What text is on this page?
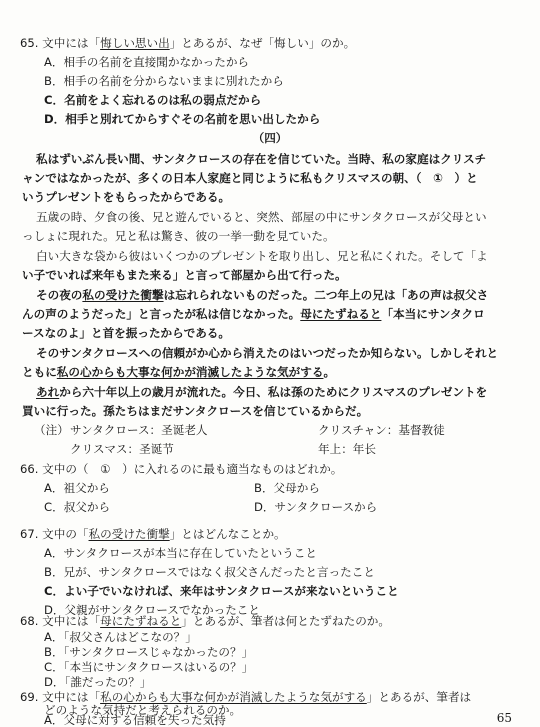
65. 文中には「悔しい思い出」とあるが、なぜ「悔しい」のか。
A．相手の名前を直接聞かなかったから
B．相手の名前を分からないままに別れたから
C．名前をよく忘れるのは私の弱点だから
D．相手と別れてからすぐその名前を思い出したから
（四）
私はずいぶん長い間、サンタクロースの存在を信じていた。当時、私の家庭はクリスチ
ャンではなかったが、多くの日本人家庭と同じように私もクリスマスの朝、（　①　）と
いうプレゼントをもらったからである。
五歳の時、夕食の後、兄と遊んでいると、突然、部屋の中にサンタクロースが父母とい
っしょに現れた。兄と私は驚き、彼の一挙一動を見ていた。
白い大きな袋から彼はいくつかのプレゼントを取り出し、兄と私にくれた。そして「よ
い子でいれば来年もまた来る」と言って部屋から出て行った。
その夜の私の受けた衝撃は忘れられないものだった。二つ年上の兄は「あの声は叔父さ
んの声のようだった」と言ったが私は信じなかった。母にたずねると「本当にサンタクロ
ースなのよ」と首を振ったからである。
そのサンタクロースへの信頼がか心から消えたのはいつだったか知らない。しかしそれと
ともに私の心からも大事な何かが消滅したような気がする。
あれから六十年以上の歳月が流れた。今日、私は孫のためにクリスマスのプレゼントを
買いに行った。孫たちはまだサンタクロースを信じているからだ。
（注） サンタクロース：圣诞老人	クリスチャン：基督教徒
クリスマス：圣诞节	年上：年长
66. 文中の（　①　）に入れるのに最も適当なものはどれか。
A．祖父から	B．父母から
C．叔父から	D．サンタクロースから
67. 文中の「私の受けた衝撃」とはどんなことか。
A．サンタクロースが本当に存在していたということ
B．兄が、サンタクロースではなく叔父さんだったと言ったこと
C．よい子でいなければ、来年はサンタクロースが来ないということ
D．父親がサンタクロースでなかったこと
68. 文中には「母にたずねると」とあるが、筆者は何とたずねたのか。
A．「叔父さんはどこなの？」
B．「サンタクロースじゃなかったの？」
C．「本当にサンタクロースはいるの？」
D．「誰だったの？」
65
69. 文中には「私の心からも大事な何かが消滅したような気がする」とあるが、筆者は
どのような気持だと考えられるのか。
A．父母に対する信頼を失った気持
